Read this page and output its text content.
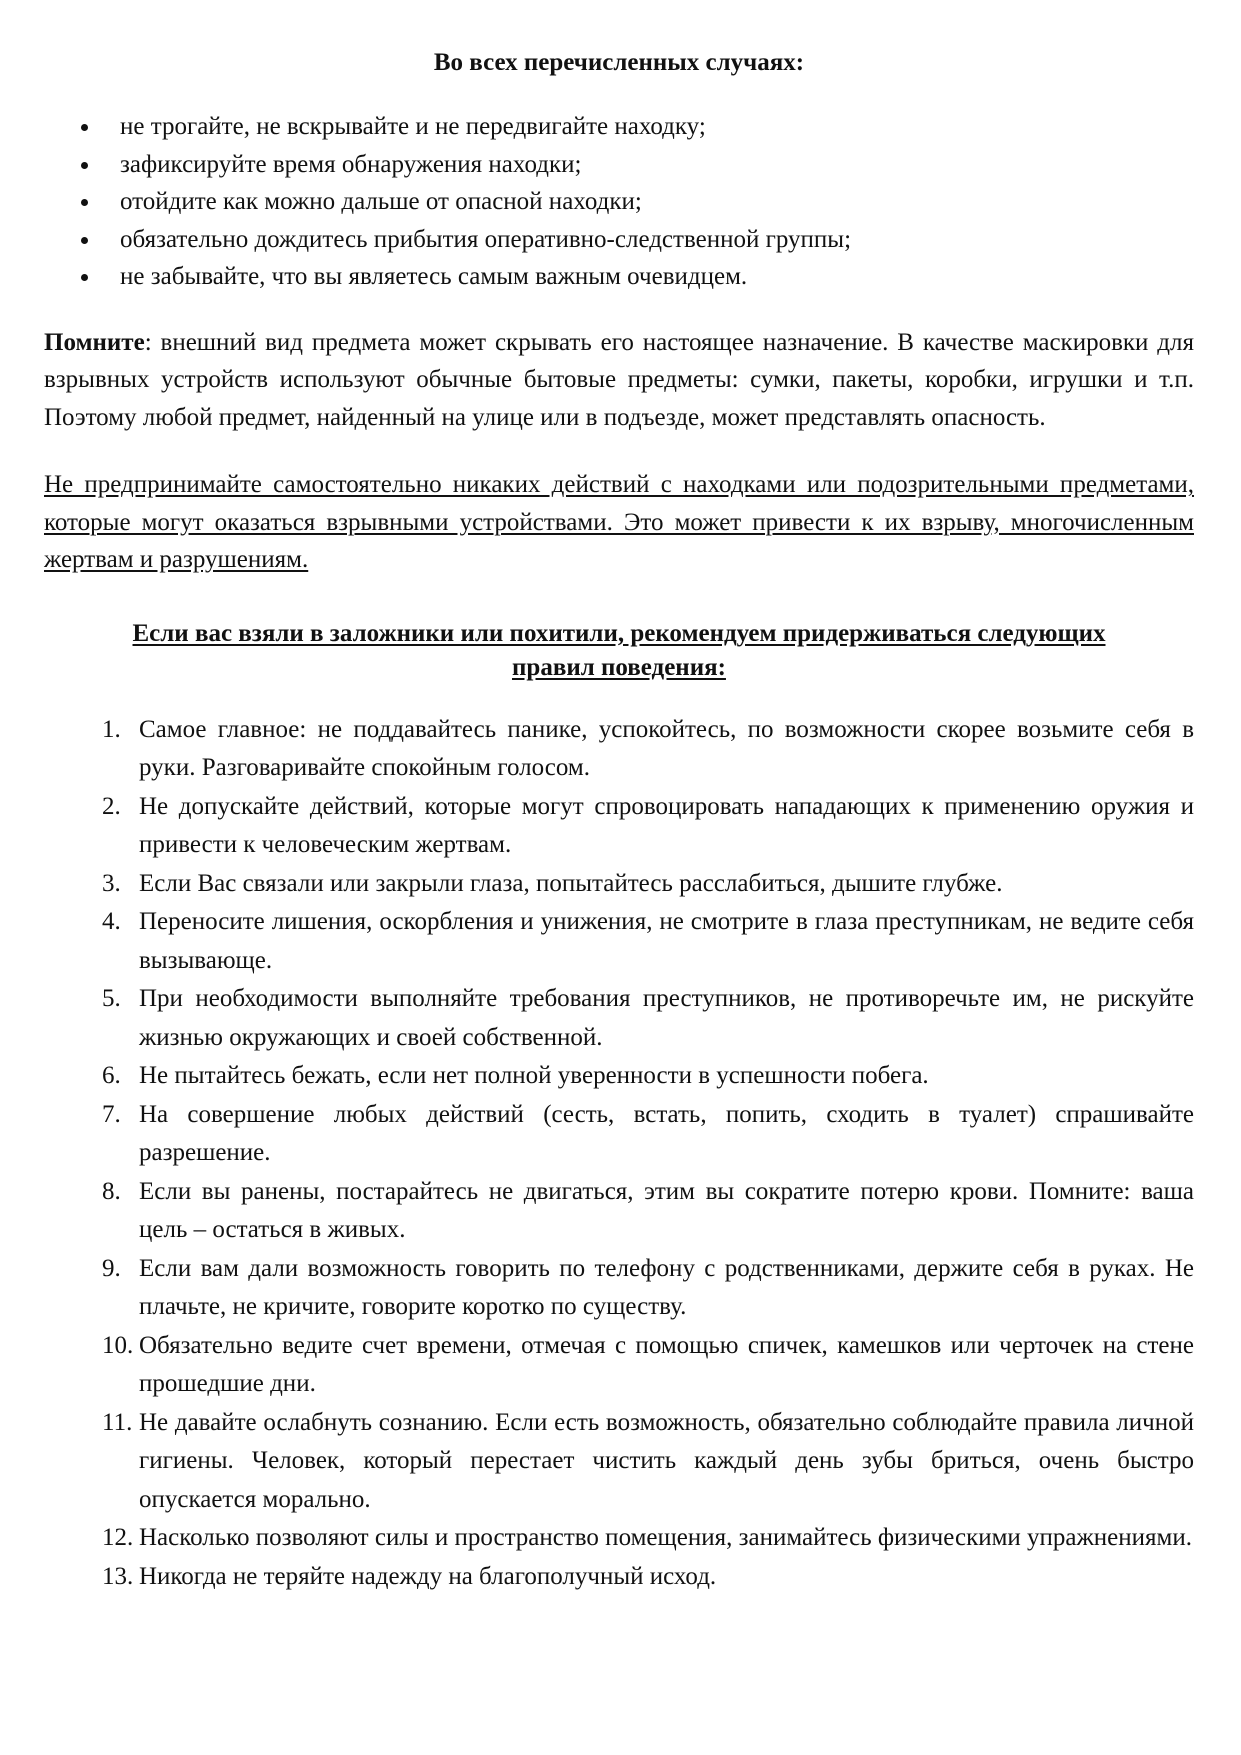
Во всех перечисленных случаях:
не трогайте, не вскрывайте и не передвигайте находку;
зафиксируйте время обнаружения находки;
отойдите как можно дальше от опасной находки;
обязательно дождитесь прибытия оперативно-следственной группы;
не забывайте, что вы являетесь самым важным очевидцем.

Помните: внешний вид предмета может скрывать его настоящее назначение. В качестве маскировки для взрывных устройств используют обычные бытовые предметы: сумки, пакеты, коробки, игрушки и т.п. Поэтому любой предмет, найденный на улице или в подъезде, может представлять опасность.

Не предпринимайте самостоятельно никаких действий с находками или подозрительными предметами, которые могут оказаться взрывными устройствами. Это может привести к их взрыву, многочисленным жертвам и разрушениям.

Если вас взяли в заложники или похитили, рекомендуем придерживаться следующих правил поведения:
1. Самое главное: не поддавайтесь панике, успокойтесь, по возможности скорее возьмите себя в руки. Разговаривайте спокойным голосом.
2. Не допускайте действий, которые могут спровоцировать нападающих к применению оружия и привести к человеческим жертвам.
3. Если Вас связали или закрыли глаза, попытайтесь расслабиться, дышите глубже.
4. Переносите лишения, оскорбления и унижения, не смотрите в глаза преступникам, не ведите себя вызывающе.
5. При необходимости выполняйте требования преступников, не противоречьте им, не рискуйте жизнью окружающих и своей собственной.
6. Не пытайтесь бежать, если нет полной уверенности в успешности побега.
7. На совершение любых действий (сесть, встать, попить, сходить в туалет) спрашивайте разрешение.
8. Если вы ранены, постарайтесь не двигаться, этим вы сократите потерю крови. Помните: ваша цель – остаться в живых.
9. Если вам дали возможность говорить по телефону с родственниками, держите себя в руках. Не плачьте, не кричите, говорите коротко по существу.
10. Обязательно ведите счет времени, отмечая с помощью спичек, камешков или черточек на стене прошедшие дни.
11. Не давайте ослабнуть сознанию. Если есть возможность, обязательно соблюдайте правила личной гигиены. Человек, который перестает чистить каждый день зубы бриться, очень быстро опускается морально.
12. Насколько позволяют силы и пространство помещения, занимайтесь физическими упражнениями.
13. Никогда не теряйте надежду на благополучный исход.
